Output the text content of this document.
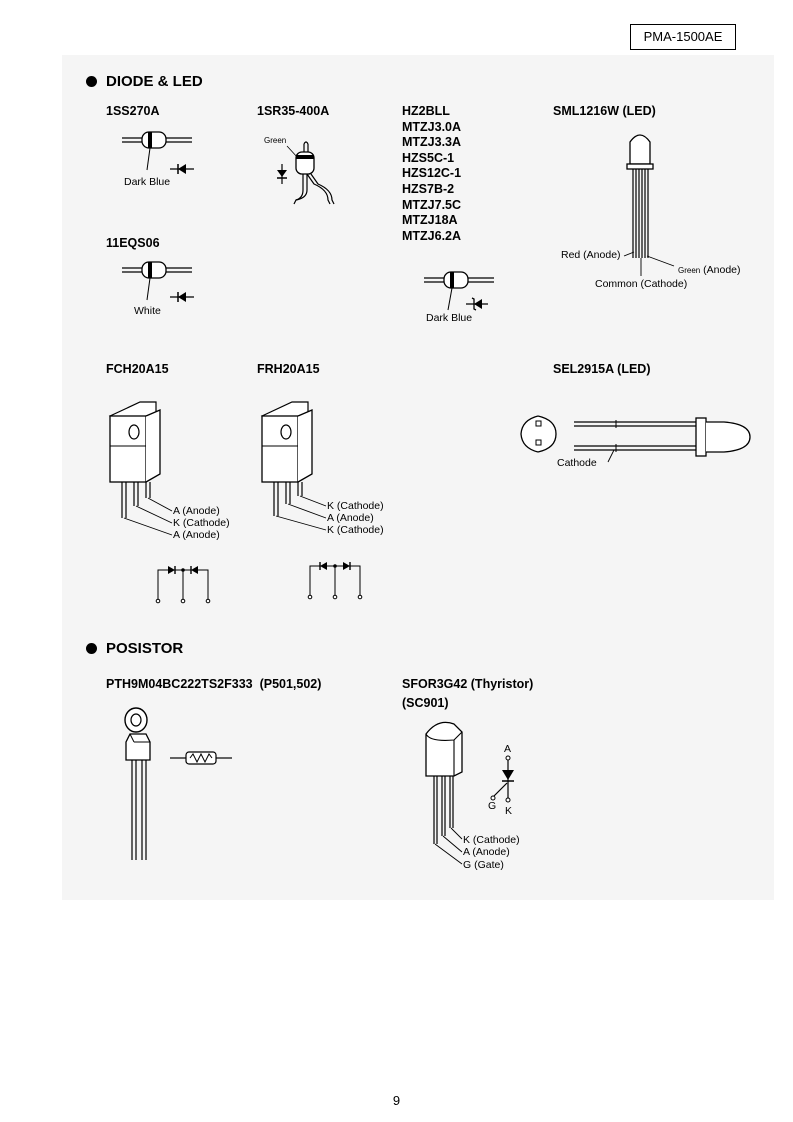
PMA-1500AE
DIODE & LED
1SS270A
Dark Blue
1SR35-400A
Green
HZ2BLL
MTZJ3.0A
MTZJ3.3A
HZS5C-1
HZS12C-1
HZS7B-2
MTZJ7.5C
MTZJ18A
MTZJ6.2A
Dark Blue
SML1216W (LED)
Red (Anode)
Green (Anode)
Common (Cathode)
11EQS06
White
FCH20A15
A (Anode)
K (Cathode)
A (Anode)
FRH20A15
K (Cathode)
A (Anode)
K (Cathode)
SEL2915A (LED)
Cathode
POSISTOR
PTH9M04BC222TS2F333 (P501,502)	SFOR3G42 (Thyristor)
(SC901)
K (Cathode)
A (Anode)
G (Gate)
A
G K
9
